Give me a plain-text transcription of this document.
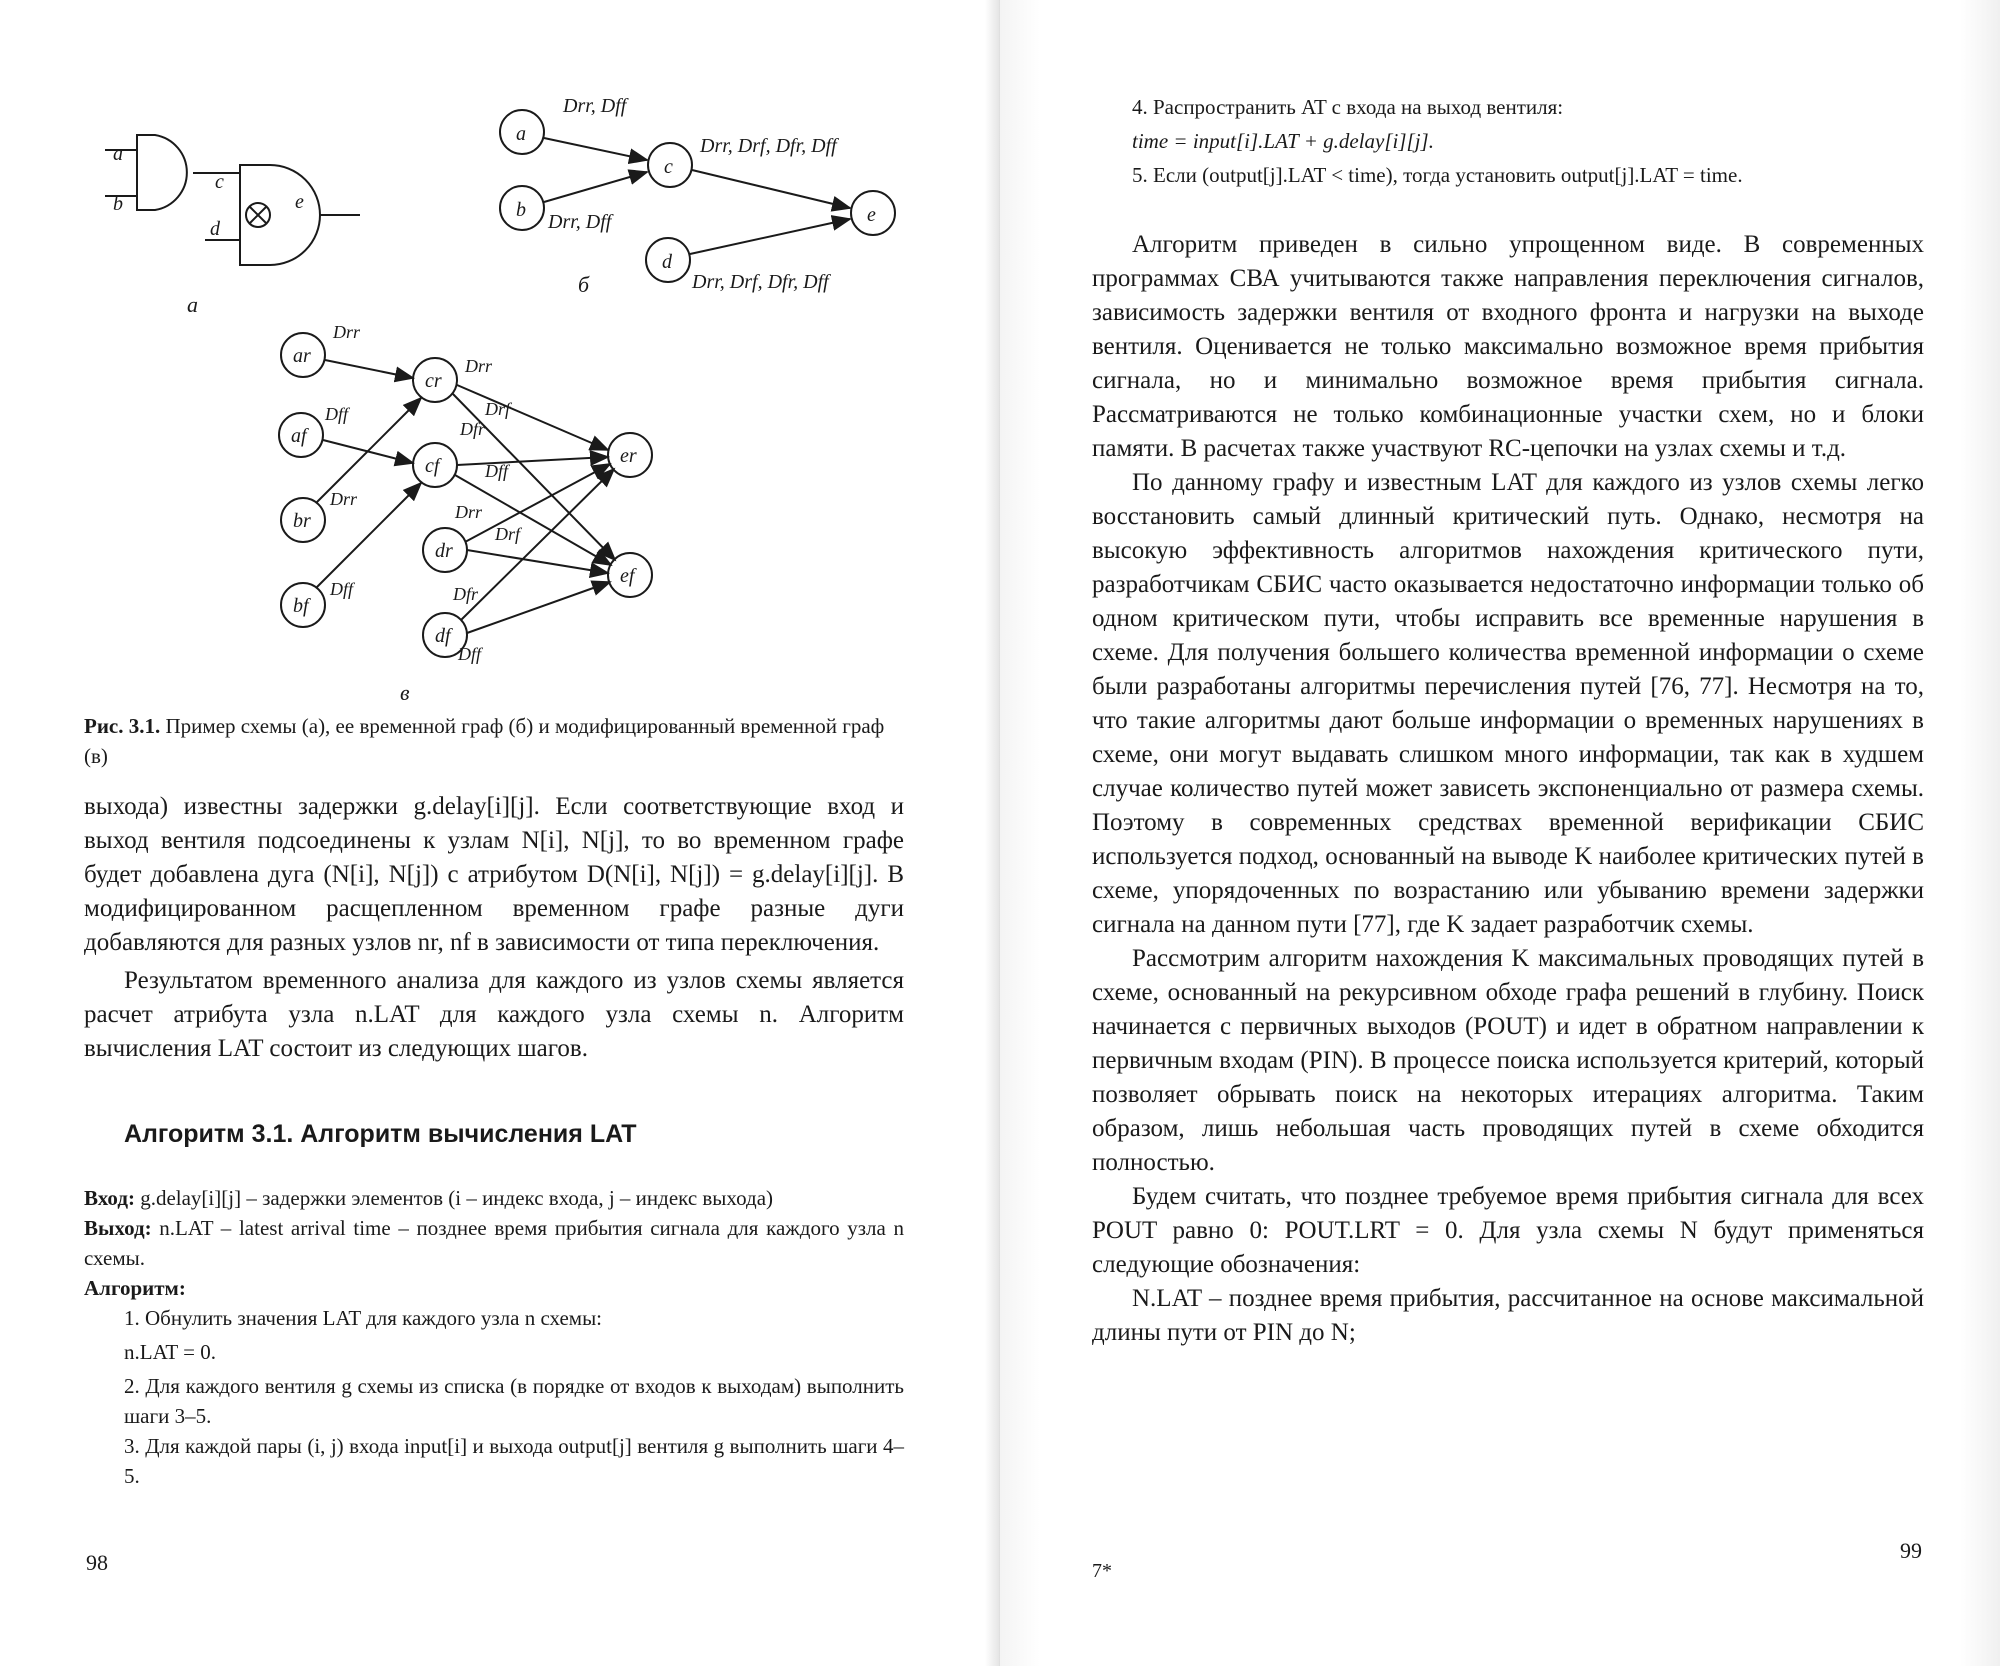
a
b
c
d
e
а
a
b
c
d
e
Drr, Dff
Drr, Dff
Drr, Drf, Dfr, Dff
Drr, Drf, Dfr, Dff
б
ar
af
br
bf
cr
cf
dr
df
er
ef
Drr
Dff
Drr
Dff
Drr
Drf
Dfr
Dff
Drr
Drf
Dfr
Dff
в
Рис. 3.1. Пример схемы (а), ее временной граф (б) и модифицированный временной граф (в)

выхода) известны задержки g.delay[i][j]. Если соответствующие вход и выход вентиля подсоединены к узлам N[i], N[j], то во временном графе будет добавлена дуга (N[i], N[j]) с атрибутом D(N[i], N[j]) = g.delay[i][j]. В модифицированном расщепленном временном графе разные дуги добавляются для разных узлов nr, nf в зависимости от типа переключения.

Результатом временного анализа для каждого из узлов схемы является расчет атрибута узла n.LAT для каждого узла схемы n. Алгоритм вычисления LAT состоит из следующих шагов.

Алгоритм 3.1. Алгоритм вычисления LAT

Вход: g.delay[i][j] – задержки элементов (i – индекс входа, j – индекс выхода)

Выход: n.LAT – latest arrival time – позднее время прибытия сигнала для каждого узла n схемы.

Алгоритм:

1. Обнулить значения LAT для каждого узла n схемы:

n.LAT = 0.

2. Для каждого вентиля g схемы из списка (в порядке от входов к выходам) выполнить шаги 3–5.

3. Для каждой пары (i, j) входа input[i] и выхода output[j] вентиля g выполнить шаги 4–5.

98

4. Распространить AT с входа на выход вентиля:

time = input[i].LAT + g.delay[i][j].

5. Если (output[j].LAT < time), тогда установить output[j].LAT = time.

Алгоритм приведен в сильно упрощенном виде. В современных программах СВА учитываются также направления переключения сигналов, зависимость задержки вентиля от входного фронта и нагрузки на выходе вентиля. Оценивается не только максимально возможное время прибытия сигнала, но и минимально возможное время прибытия сигнала. Рассматриваются не только комбинационные участки схем, но и блоки памяти. В расчетах также участвуют RC-цепочки на узлах схемы и т.д.

По данному графу и известным LAT для каждого из узлов схемы легко восстановить самый длинный критический путь. Однако, несмотря на высокую эффективность алгоритмов нахождения критического пути, разработчикам СБИС часто оказывается недостаточно информации только об одном критическом пути, чтобы исправить все временные нарушения в схеме. Для получения большего количества временной информации о схеме были разработаны алгоритмы перечисления путей [76, 77]. Несмотря на то, что такие алгоритмы дают больше информации о временных нарушениях в схеме, они могут выдавать слишком много информации, так как в худшем случае количество путей может зависеть экспоненциально от размера схемы. Поэтому в современных средствах временной верификации СБИС используется подход, основанный на выводе K наиболее критических путей в схеме, упорядоченных по возрастанию или убыванию времени задержки сигнала на данном пути [77], где K задает разработчик схемы.

Рассмотрим алгоритм нахождения K максимальных проводящих путей в схеме, основанный на рекурсивном обходе графа решений в глубину. Поиск начинается с первичных выходов (POUT) и идет в обратном направлении к первичным входам (PIN). В процессе поиска используется критерий, который позволяет обрывать поиск на некоторых итерациях алгоритма. Таким образом, лишь небольшая часть проводящих путей в схеме обходится полностью.

Будем считать, что позднее требуемое время прибытия сигнала для всех POUT равно 0: POUT.LRT = 0. Для узла схемы N будут применяться следующие обозначения:

N.LAT – позднее время прибытия, рассчитанное на основе максимальной длины пути от PIN до N;

7*
99
